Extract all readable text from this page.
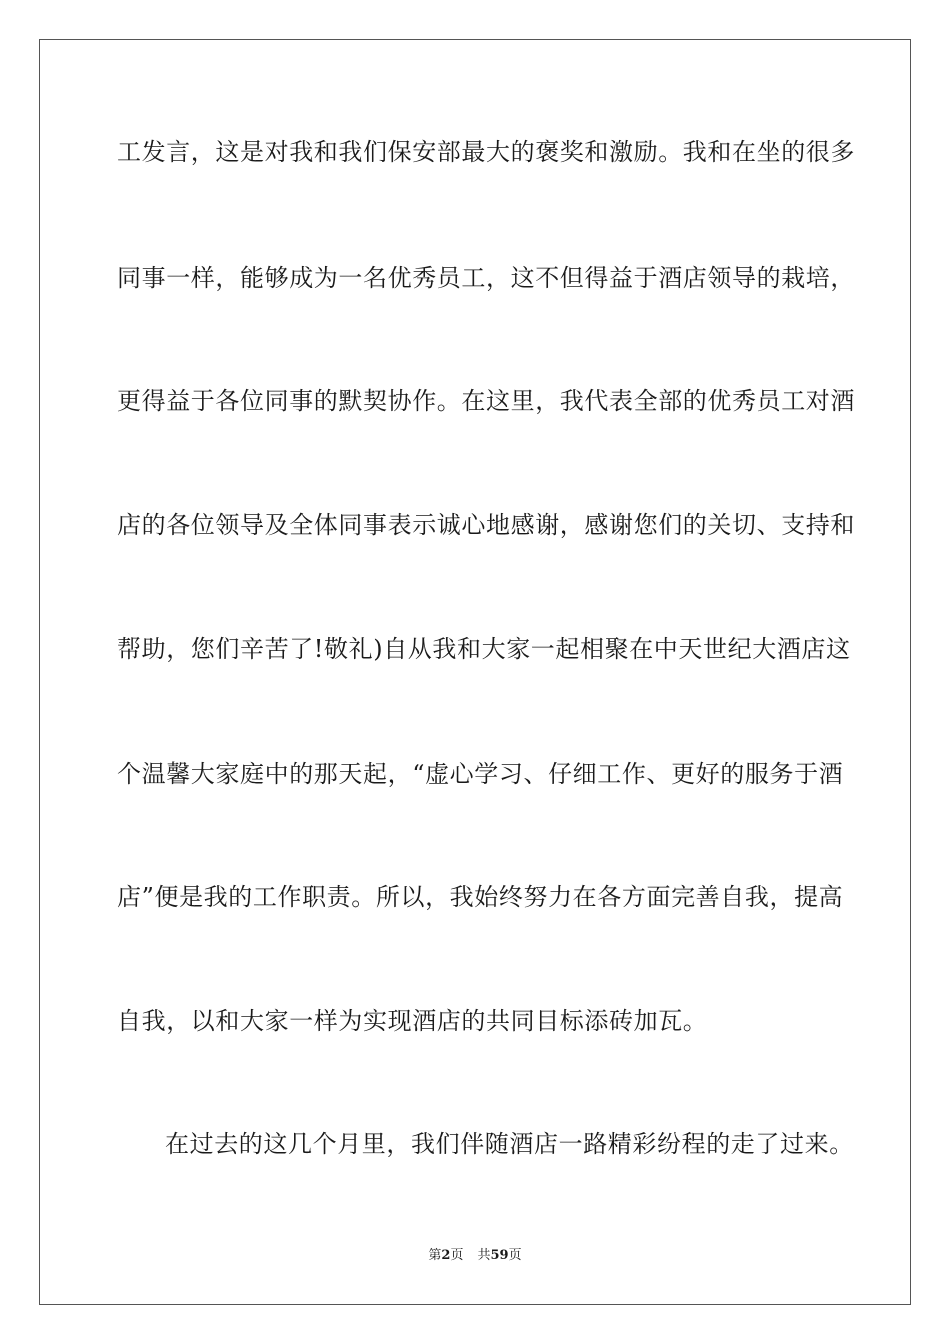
工发言，这是对我和我们保安部最大的褒奖和激励。我和在坐的很多
同事一样，能够成为一名优秀员工，这不但得益于酒店领导的栽培，
更得益于各位同事的默契协作。在这里，我代表全部的优秀员工对酒
店的各位领导及全体同事表示诚心地感谢，感谢您们的关切、支持和
帮助，您们辛苦了!敬礼)自从我和大家一起相聚在中天世纪大酒店这
个温馨大家庭中的那天起，“虚心学习、仔细工作、更好的服务于酒
店”便是我的工作职责。所以，我始终努力在各方面完善自我，提高
自我，以和大家一样为实现酒店的共同目标添砖加瓦。
在过去的这几个月里，我们伴随酒店一路精彩纷程的走了过来。
第2页 共59页
